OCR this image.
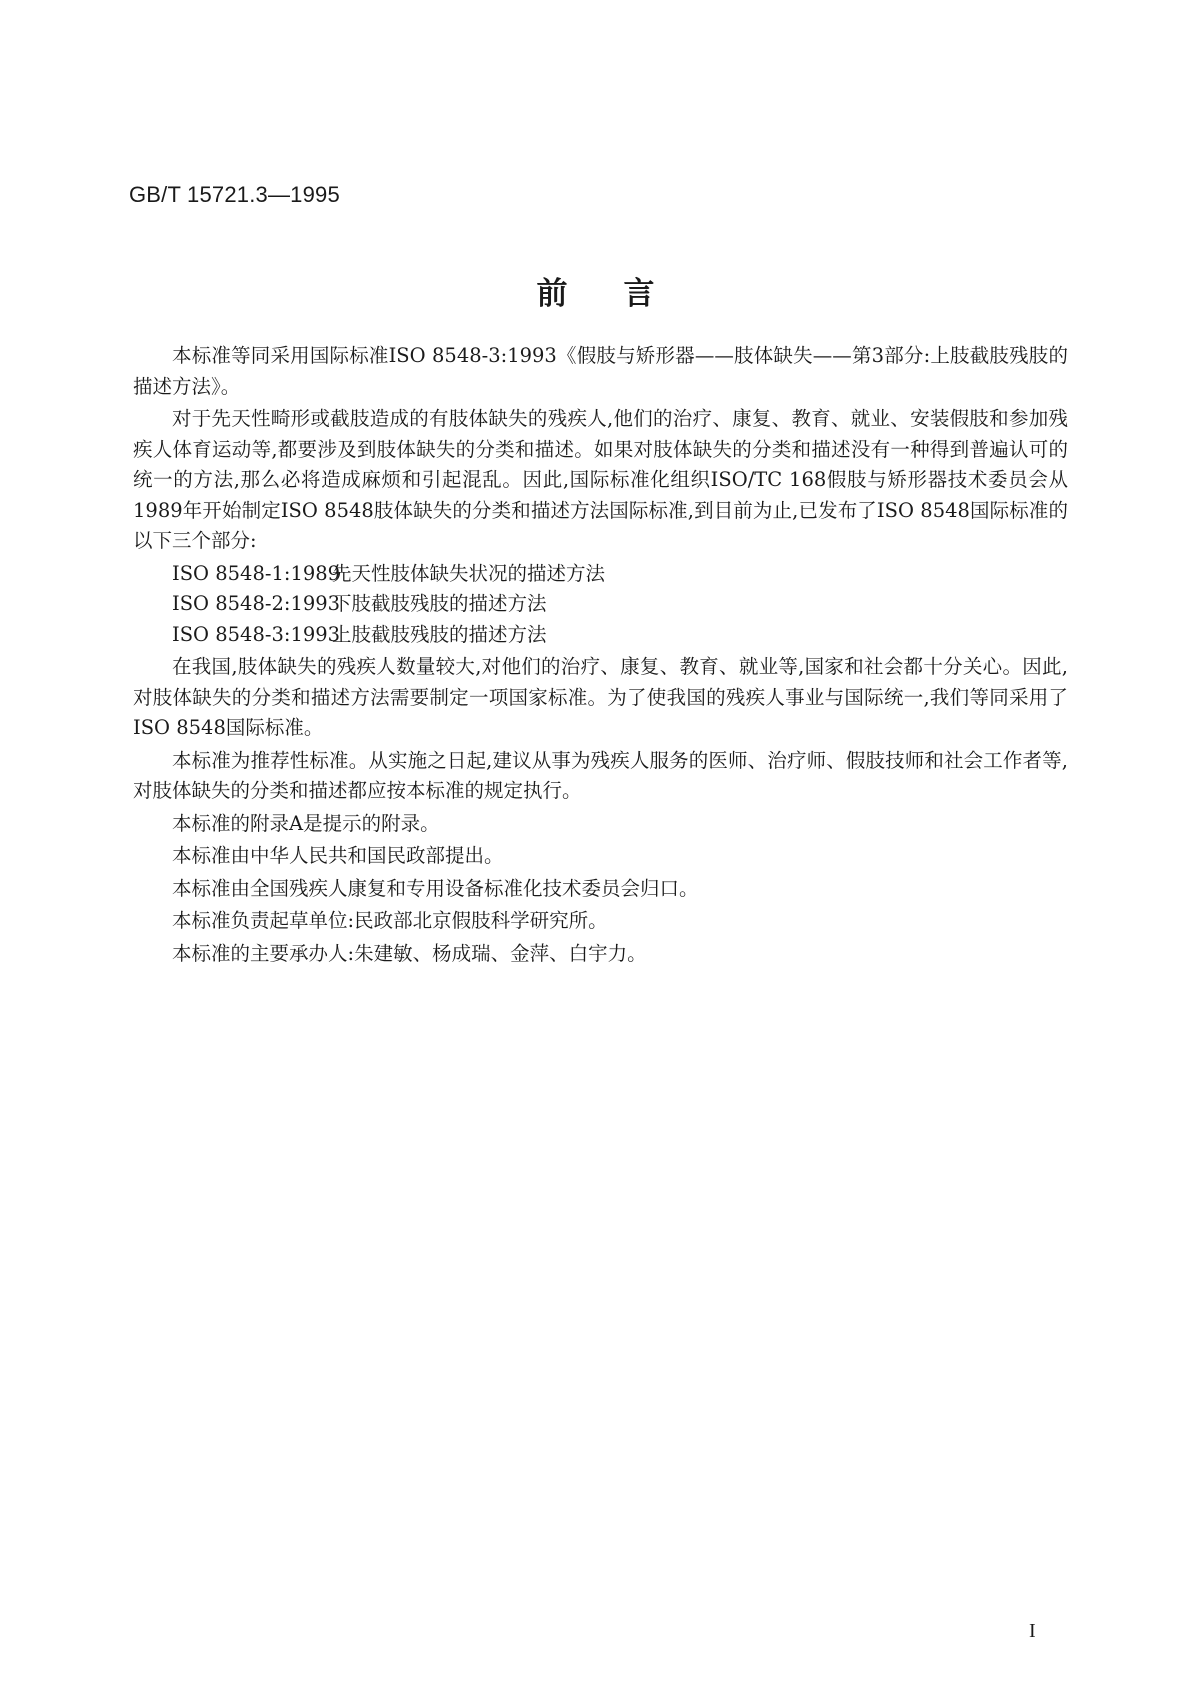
GB/T 15721.3—1995
前言

本标准等同采用国际标准ISO 8548-3:1993《假肢与矫形器——肢体缺失——第3部分:上肢截肢残肢的描述方法》。

对于先天性畸形或截肢造成的有肢体缺失的残疾人,他们的治疗、康复、教育、就业、安装假肢和参加残疾人体育运动等,都要涉及到肢体缺失的分类和描述。如果对肢体缺失的分类和描述没有一种得到普遍认可的统一的方法,那么必将造成麻烦和引起混乱。因此,国际标准化组织ISO/TC 168假肢与矫形器技术委员会从1989年开始制定ISO 8548肢体缺失的分类和描述方法国际标准,到目前为止,已发布了ISO 8548国际标准的以下三个部分:

ISO 8548-1:1989先天性肢体缺失状况的描述方法
ISO 8548-2:1993下肢截肢残肢的描述方法
ISO 8548-3:1993上肢截肢残肢的描述方法

在我国,肢体缺失的残疾人数量较大,对他们的治疗、康复、教育、就业等,国家和社会都十分关心。因此,对肢体缺失的分类和描述方法需要制定一项国家标准。为了使我国的残疾人事业与国际统一,我们等同采用了ISO 8548国际标准。

本标准为推荐性标准。从实施之日起,建议从事为残疾人服务的医师、治疗师、假肢技师和社会工作者等,对肢体缺失的分类和描述都应按本标准的规定执行。

本标准的附录A是提示的附录。

本标准由中华人民共和国民政部提出。

本标准由全国残疾人康复和专用设备标准化技术委员会归口。

本标准负责起草单位:民政部北京假肢科学研究所。

本标准的主要承办人:朱建敏、杨成瑞、金萍、白宇力。

I
